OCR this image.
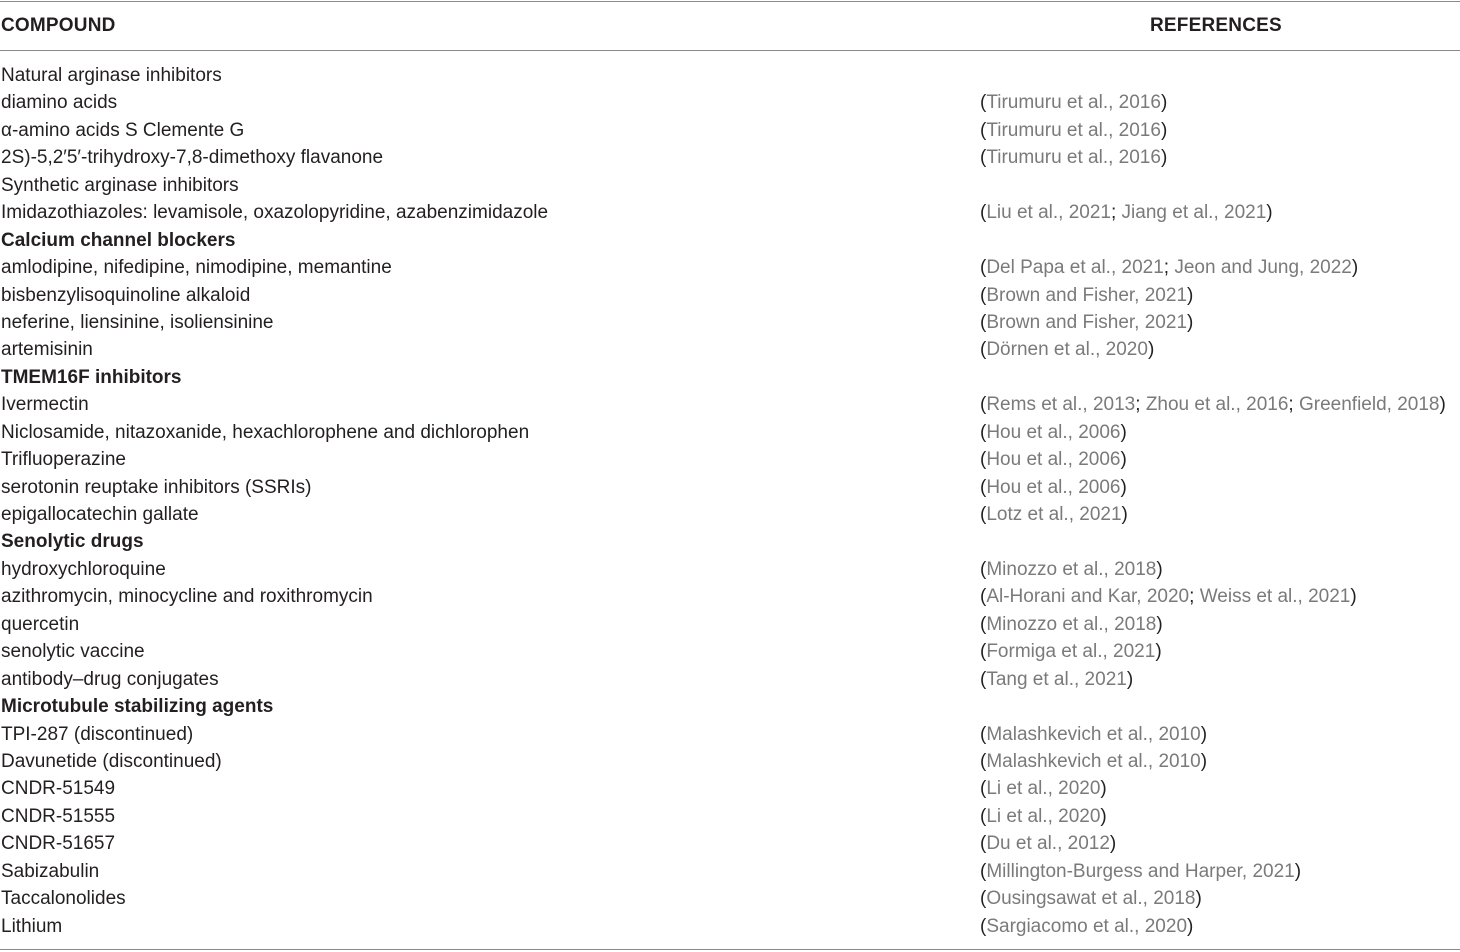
COMPOUND	REFERENCES
Natural arginase inhibitors
diamino acids	(Tirumuru et al., 2016)
α-amino acids S Clemente G	(Tirumuru et al., 2016)
2S)-5,2′5′-trihydroxy-7,8-dimethoxy flavanone	(Tirumuru et al., 2016)
Synthetic arginase inhibitors
Imidazothiazoles: levamisole, oxazolopyridine, azabenzimidazole	(Liu et al., 2021; Jiang et al., 2021)
Calcium channel blockers
amlodipine, nifedipine, nimodipine, memantine	(Del Papa et al., 2021; Jeon and Jung, 2022)
bisbenzylisoquinoline alkaloid	(Brown and Fisher, 2021)
neferine, liensinine, isoliensinine	(Brown and Fisher, 2021)
artemisinin	(Dörnen et al., 2020)
TMEM16F inhibitors
Ivermectin	(Rems et al., 2013; Zhou et al., 2016; Greenfield, 2018)
Niclosamide, nitazoxanide, hexachlorophene and dichlorophen	(Hou et al., 2006)
Trifluoperazine	(Hou et al., 2006)
serotonin reuptake inhibitors (SSRIs)	(Hou et al., 2006)
epigallocatechin gallate	(Lotz et al., 2021)
Senolytic drugs
hydroxychloroquine	(Minozzo et al., 2018)
azithromycin, minocycline and roxithromycin	(Al-Horani and Kar, 2020; Weiss et al., 2021)
quercetin	(Minozzo et al., 2018)
senolytic vaccine	(Formiga et al., 2021)
antibody–drug conjugates	(Tang et al., 2021)
Microtubule stabilizing agents
TPI-287 (discontinued)	(Malashkevich et al., 2010)
Davunetide (discontinued)	(Malashkevich et al., 2010)
CNDR-51549	(Li et al., 2020)
CNDR-51555	(Li et al., 2020)
CNDR-51657	(Du et al., 2012)
Sabizabulin	(Millington-Burgess and Harper, 2021)
Taccalonolides	(Ousingsawat et al., 2018)
Lithium	(Sargiacomo et al., 2020)
